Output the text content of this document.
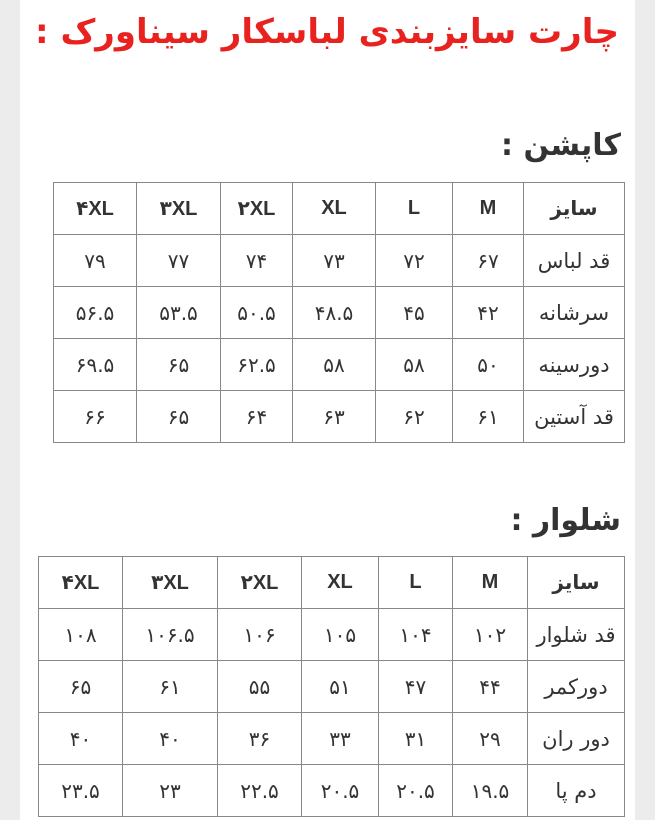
چارت سایزبندی لباسکار سیناورک :
کاپشن :
سایز	M	L	XL	۲XL	۳XL	۴XL
قد لباس	۶۷	۷۲	۷۳	۷۴	۷۷	۷۹
سرشانه	۴۲	۴۵	۴۸.۵	۵۰.۵	۵۳.۵	۵۶.۵
دورسینه	۵۰	۵۸	۵۸	۶۲.۵	۶۵	۶۹.۵
قد آستین	۶۱	۶۲	۶۳	۶۴	۶۵	۶۶
شلوار :
سایز	M	L	XL	۲XL	۳XL	۴XL
قد شلوار	۱۰۲	۱۰۴	۱۰۵	۱۰۶	۱۰۶.۵	۱۰۸
دورکمر	۴۴	۴۷	۵۱	۵۵	۶۱	۶۵
دور ران	۲۹	۳۱	۳۳	۳۶	۴۰	۴۰
دم پا	۱۹.۵	۲۰.۵	۲۰.۵	۲۲.۵	۲۳	۲۳.۵
